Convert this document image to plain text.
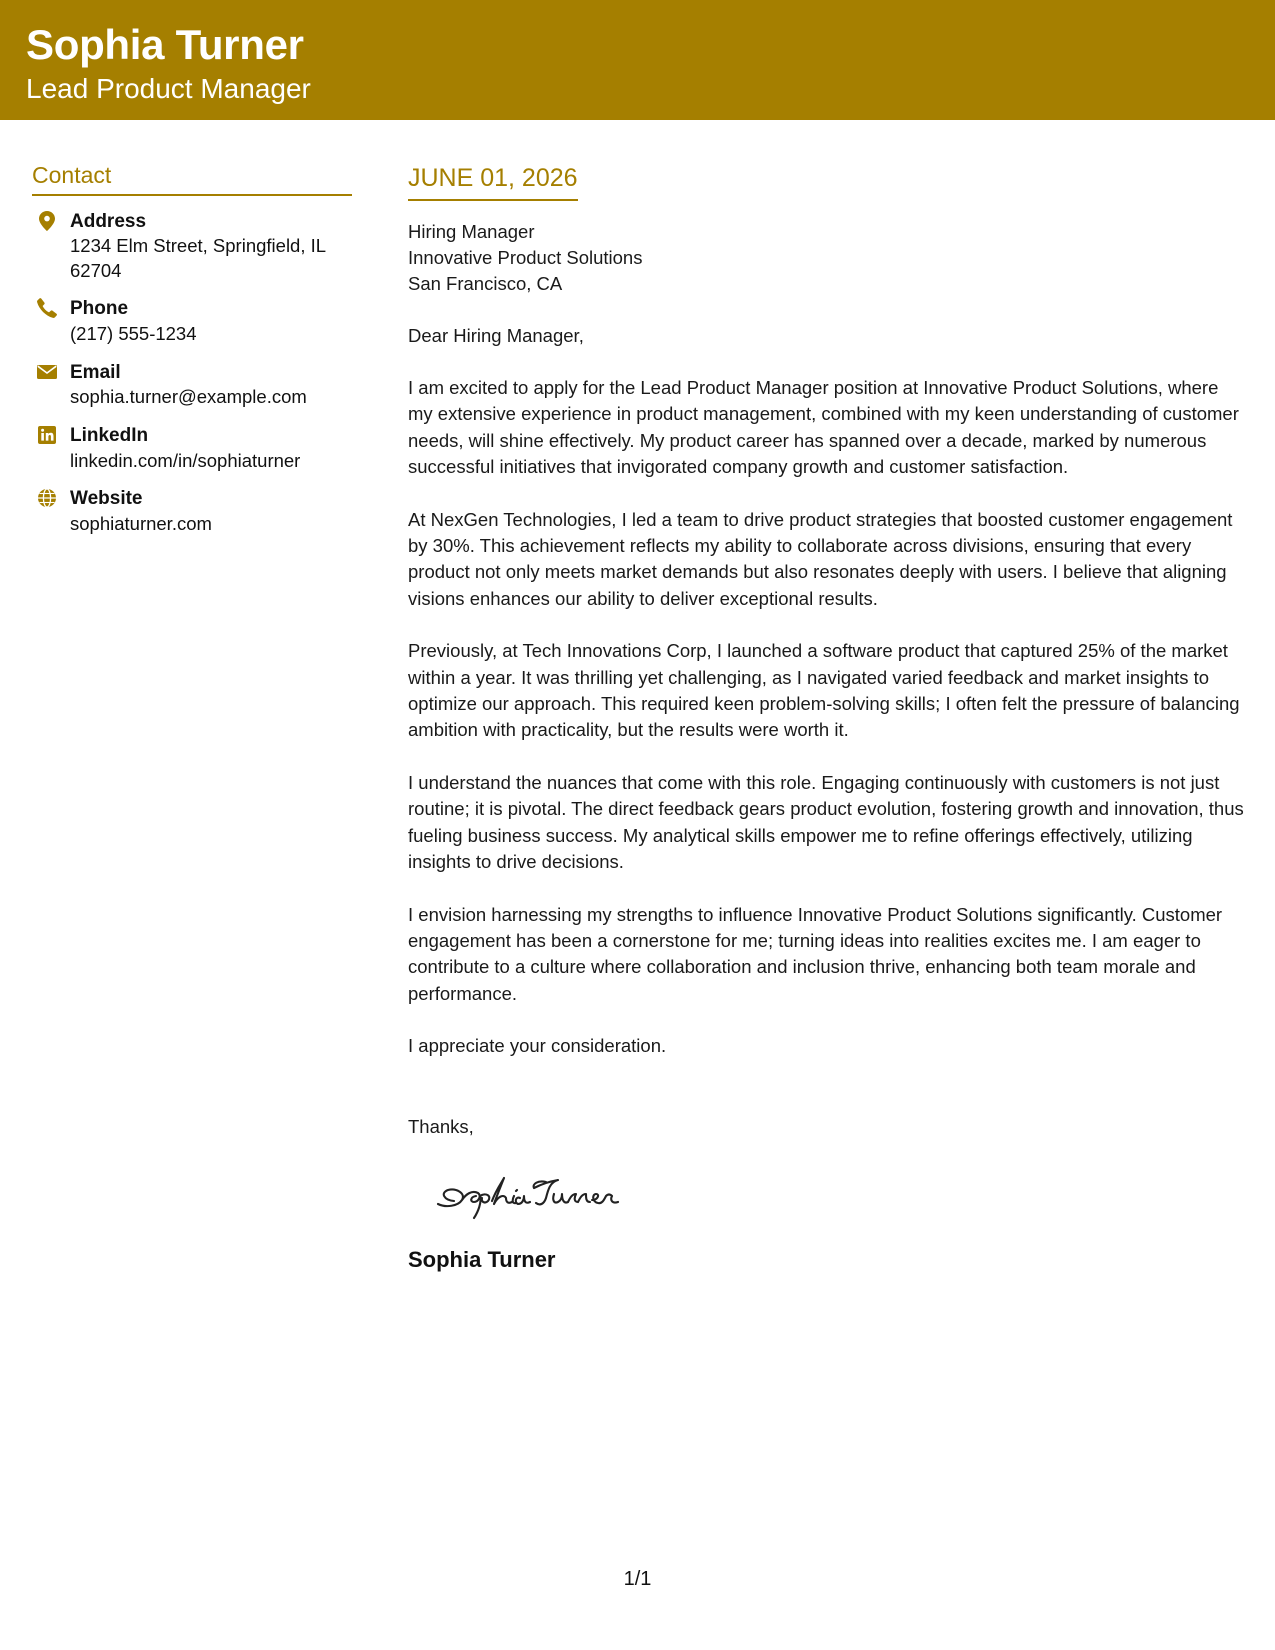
Sophia Turner
Lead Product Manager
Contact
Address
1234 Elm Street, Springfield, IL 62704
Phone
(217) 555-1234
Email
sophia.turner@example.com
LinkedIn
linkedin.com/in/sophiaturner
Website
sophiaturner.com
JUNE 01, 2026
Hiring Manager
Innovative Product Solutions
San Francisco, CA
Dear Hiring Manager,
I am excited to apply for the Lead Product Manager position at Innovative Product Solutions, where my extensive experience in product management, combined with my keen understanding of customer needs, will shine effectively. My product career has spanned over a decade, marked by numerous successful initiatives that invigorated company growth and customer satisfaction.
At NexGen Technologies, I led a team to drive product strategies that boosted customer engagement by 30%. This achievement reflects my ability to collaborate across divisions, ensuring that every product not only meets market demands but also resonates deeply with users. I believe that aligning visions enhances our ability to deliver exceptional results.
Previously, at Tech Innovations Corp, I launched a software product that captured 25% of the market within a year. It was thrilling yet challenging, as I navigated varied feedback and market insights to optimize our approach. This required keen problem-solving skills; I often felt the pressure of balancing ambition with practicality, but the results were worth it.
I understand the nuances that come with this role. Engaging continuously with customers is not just routine; it is pivotal. The direct feedback gears product evolution, fostering growth and innovation, thus fueling business success. My analytical skills empower me to refine offerings effectively, utilizing insights to drive decisions.
I envision harnessing my strengths to influence Innovative Product Solutions significantly. Customer engagement has been a cornerstone for me; turning ideas into realities excites me. I am eager to contribute to a culture where collaboration and inclusion thrive, enhancing both team morale and performance.
I appreciate your consideration.
Thanks,
Sophia Turner
1/1
